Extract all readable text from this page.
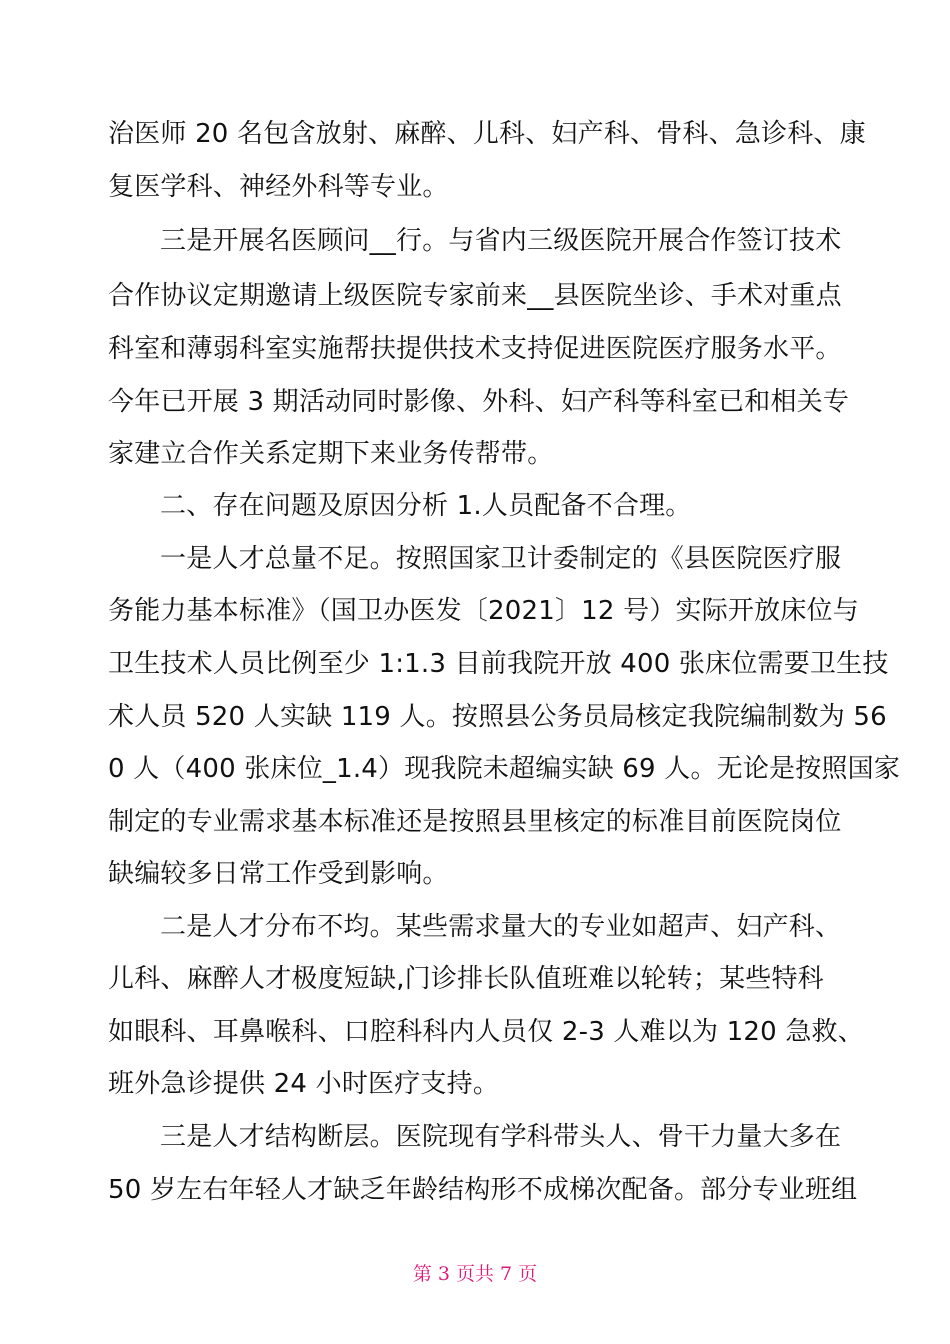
治医师 20 名包含放射、麻醉、儿科、妇产科、骨科、急诊科、康
复医学科、神经外科等专业。
三是开展名医顾问__行。与省内三级医院开展合作签订技术
合作协议定期邀请上级医院专家前来__县医院坐诊、手术对重点
科室和薄弱科室实施帮扶提供技术支持促进医院医疗服务水平。
今年已开展 3 期活动同时影像、外科、妇产科等科室已和相关专
家建立合作关系定期下来业务传帮带。
二、存在问题及原因分析 1.人员配备不合理。
一是人才总量不足。按照国家卫计委制定的《县医院医疗服
务能力基本标准》（国卫办医发〔2021〕12 号）实际开放床位与
卫生技术人员比例至少 1:1.3 目前我院开放 400 张床位需要卫生技
术人员 520 人实缺 119 人。按照县公务员局核定我院编制数为 56
0 人（400 张床位_1.4）现我院未超编实缺 69 人。无论是按照国家
制定的专业需求基本标准还是按照县里核定的标准目前医院岗位
缺编较多日常工作受到影响。
二是人才分布不均。某些需求量大的专业如超声、妇产科、
儿科、麻醉人才极度短缺,门诊排长队值班难以轮转；某些特科
如眼科、耳鼻喉科、口腔科科内人员仅 2-3 人难以为 120 急救、
班外急诊提供 24 小时医疗支持。
三是人才结构断层。医院现有学科带头人、骨干力量大多在
50 岁左右年轻人才缺乏年龄结构形不成梯次配备。部分专业班组
第 3 页共 7 页
